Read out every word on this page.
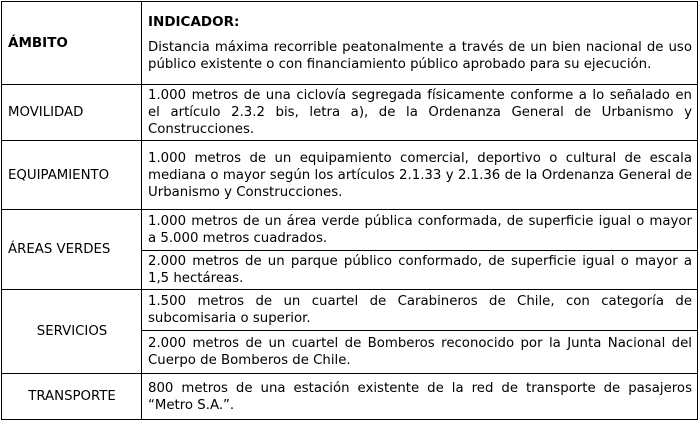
ÁMBITO	INDICADOR:
Distancia máxima recorrible peatonalmente a través de un bien nacional de uso público existente o con financiamiento público aprobado para su ejecución.
MOVILIDAD	1.000 metros de una ciclovía segregada físicamente conforme a lo señalado en el artículo 2.3.2 bis, letra a), de la Ordenanza General de Urbanismo y Construcciones.
EQUIPAMIENTO	1.000 metros de un equipamiento comercial, deportivo o cultural de escala mediana o mayor según los artículos 2.1.33 y 2.1.36 de la Ordenanza General de Urbanismo y Construcciones.
ÁREAS VERDES	1.000 metros de un área verde pública conformada, de superficie igual o mayor a 5.000 metros cuadrados.
	2.000 metros de un parque público conformado, de superficie igual o mayor a 1,5 hectáreas.
SERVICIOS	1.500 metros de un cuartel de Carabineros de Chile, con categoría de subcomisaria o superior.
	2.000 metros de un cuartel de Bomberos reconocido por la Junta Nacional del Cuerpo de Bomberos de Chile.
TRANSPORTE	800 metros de una estación existente de la red de transporte de pasajeros “Metro S.A.”.
